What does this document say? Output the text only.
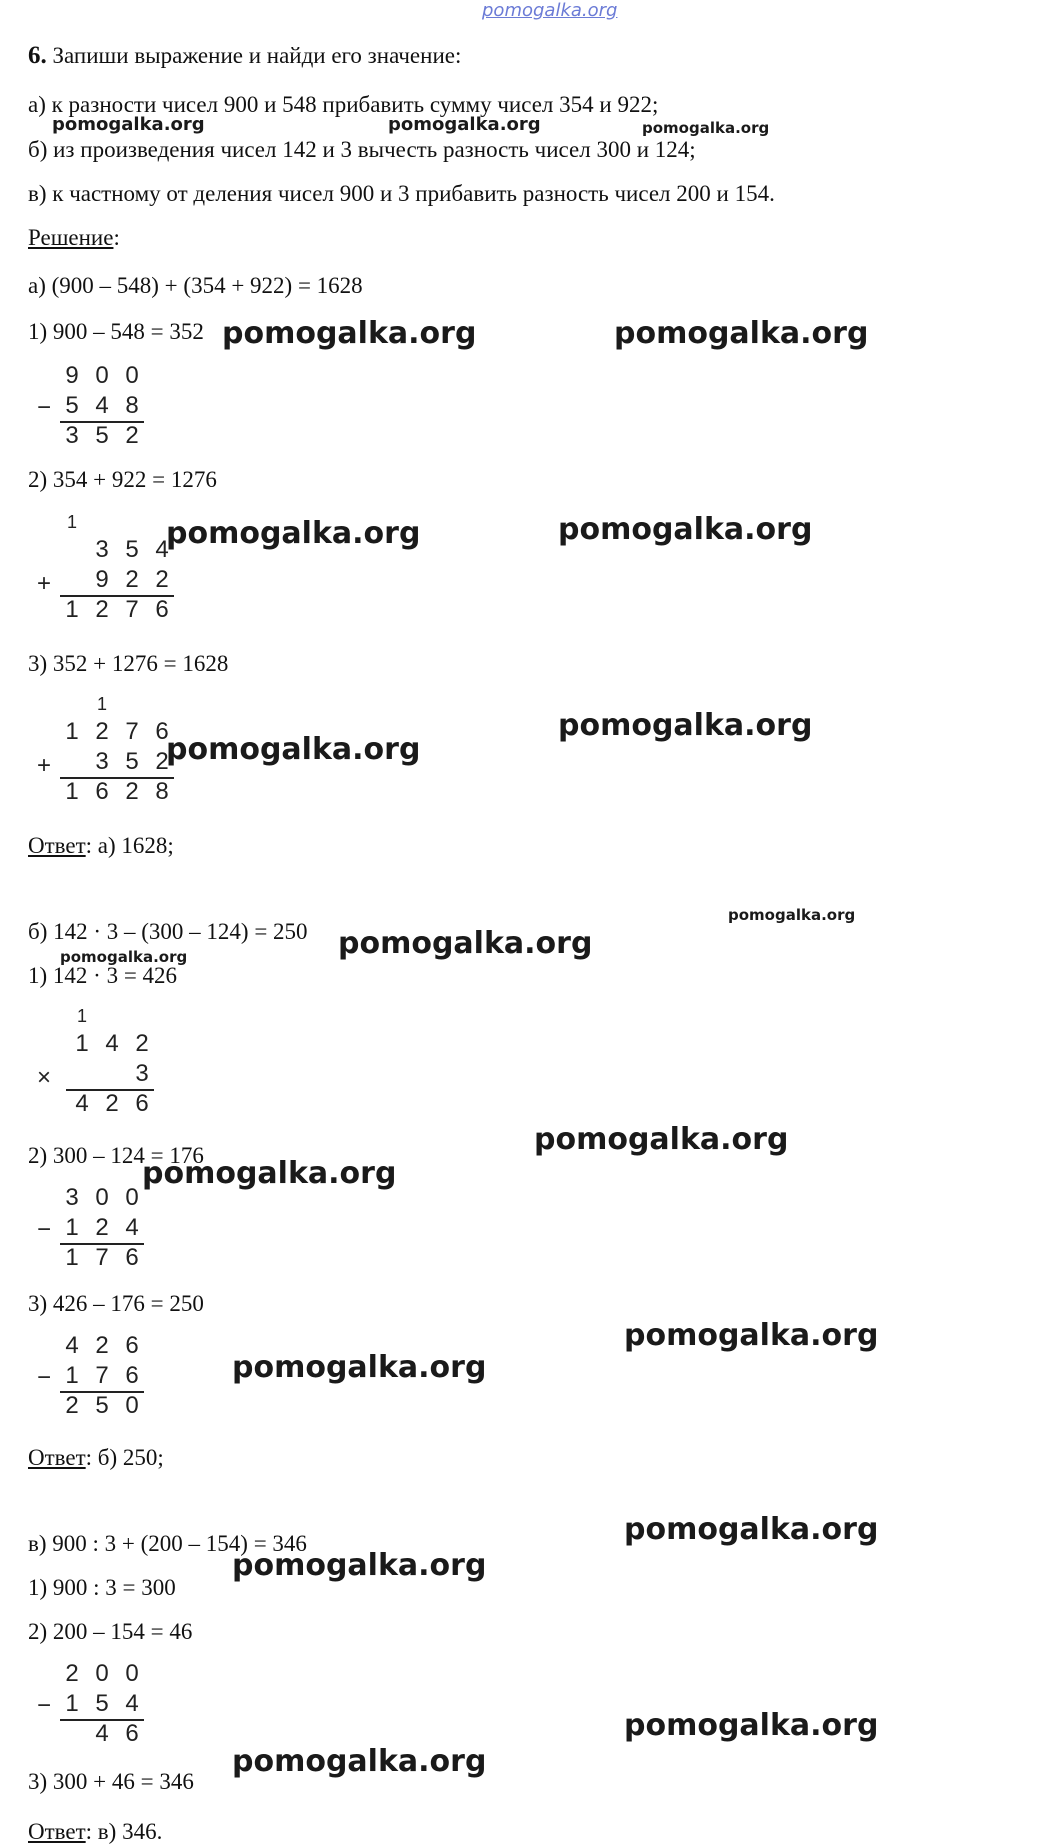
pomogalka.org
6. Запиши выражение и найди его значение:
а) к разности чисел 900 и 548 прибавить сумму чисел 354 и 922;
б) из произведения чисел 142 и 3 вычесть разность чисел 300 и 124;
в) к частному от деления чисел 900 и 3 прибавить разность чисел 200 и 154.
Решение:
а) (900 – 548) + (354 + 922) = 1628
1) 900 – 548 = 352
9 0 0
− 5 4 8
3 5 2
2) 354 + 922 = 1276
1
3 5 4
+ 9 2 2
1 2 7 6
3) 352 + 1276 = 1628
1
1 2 7 6
+ 3 5 2
1 6 2 8
Ответ: а) 1628;
б) 142 · 3 – (300 – 124) = 250
1) 142 · 3 = 426
1
1 4 2
×	3
4 2 6
2) 300 – 124 = 176
3 0 0
− 1 2 4
1 7 6
3) 426 – 176 = 250
4 2 6
− 1 7 6
2 5 0
Ответ: б) 250;
в) 900 : 3 + (200 – 154) = 346
1) 900 : 3 = 300
2) 200 – 154 = 46
2 0 0
− 1 5 4
4 6
3) 300 + 46 = 346
Ответ: в) 346.
pomogalka.org	pomogalka.org	pomogalka.org
pomogalka.org	pomogalka.org
pomogalka.org	pomogalka.org
pomogalka.org
pomogalka.org
pomogalka.org
pomogalka.org
pomogalka.org
pomogalka.org
pomogalka.org
pomogalka.org
pomogalka.org
pomogalka.org
pomogalka.org
pomogalka.org
pomogalka.org
